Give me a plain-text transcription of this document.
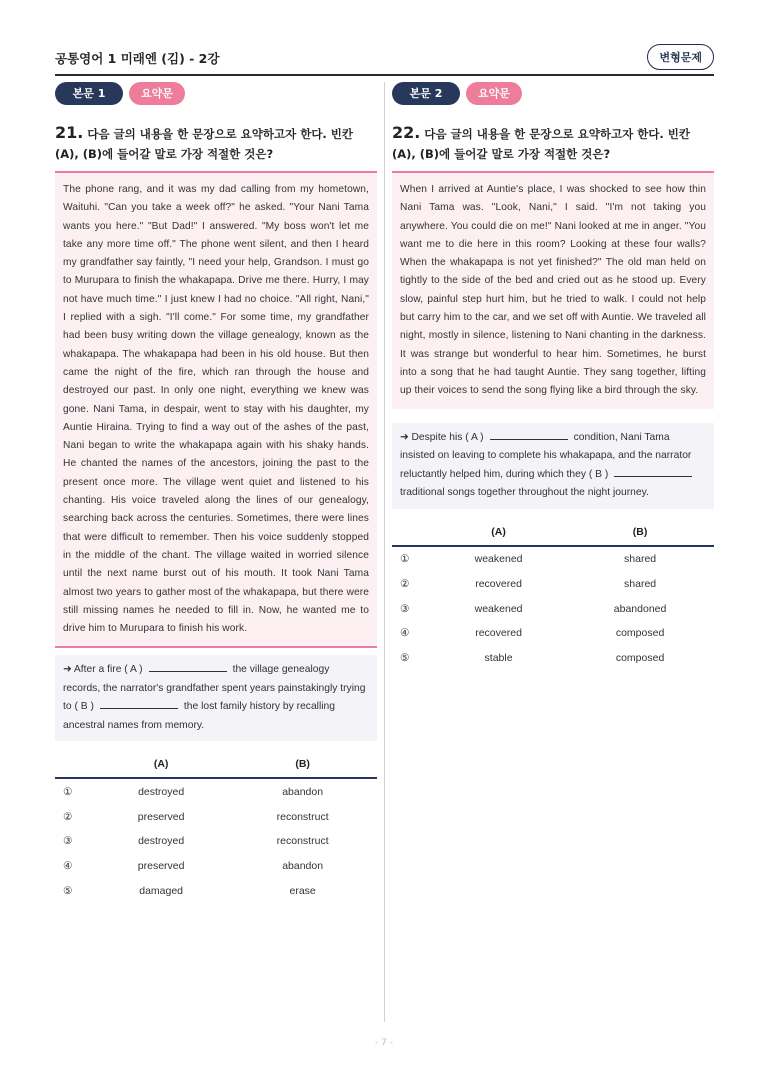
공통영어 1 미래엔 (김) - 2강	변형문제
본문 1	요약문
21. 다음 글의 내용을 한 문장으로 요약하고자 한다. 빈칸 (A), (B)에 들어갈 말로 가장 적절한 것은?
The phone rang, and it was my dad calling from my hometown, Waituhi. "Can you take a week off?" he asked. "Your Nani Tama wants you here." "But Dad!" I answered. "My boss won't let me take any more time off." The phone went silent, and then I heard my grandfather say faintly, "I need your help, Grandson. I must go to Murupara to finish the whakapapa. Drive me there. Hurry, I may not have much time." I just knew I had no choice. "All right, Nani," I replied with a sigh. "I'll come." For some time, my grandfather had been busy writing down the village genealogy, known as the whakapapa. The whakapapa had been in his old house. But then came the night of the fire, which ran through the house and destroyed our past. In only one night, everything we knew was gone. Nani Tama, in despair, went to stay with his daughter, my Auntie Hiraina. Trying to find a way out of the ashes of the past, Nani began to write the whakapapa again with his shaky hands. He chanted the names of the ancestors, joining the past to the present once more. The village went quiet and listened to his chanting. His voice traveled along the lines of our genealogy, searching back across the centuries. Sometimes, there were lines that were difficult to remember. Then his voice suddenly stopped in the middle of the chant. The village waited in worried silence until the next name burst out of his mouth. It took Nani Tama almost two years to gather most of the whakapapa, but there were still missing names he needed to fill in. Now, he wanted me to drive him to Murupara to finish his work.
➜ After a fire ( A )	the village genealogy records, the narrator's grandfather spent years painstakingly trying to ( B )	the lost family history by recalling ancestral names from memory.
	(A)	(B)
①	destroyed	abandon
②	preserved	reconstruct
③	destroyed	reconstruct
④	preserved	abandon
⑤	damaged	erase
본문 2	요약문
22. 다음 글의 내용을 한 문장으로 요약하고자 한다. 빈칸 (A), (B)에 들어갈 말로 가장 적절한 것은?
When I arrived at Auntie's place, I was shocked to see how thin Nani Tama was. "Look, Nani," I said. "I'm not taking you anywhere. You could die on me!" Nani looked at me in anger. "You want me to die here in this room? Looking at these four walls? When the whakapapa is not yet finished?" The old man held on tightly to the side of the bed and cried out as he stood up. Every slow, painful step hurt him, but he tried to walk. I could not help but carry him to the car, and we set off with Auntie. We traveled all night, mostly in silence, listening to Nani chanting in the darkness. It was strange but wonderful to hear him. Sometimes, he burst into a song that he had taught Auntie. They sang together, lifting up their voices to send the song flying like a bird through the sky.
➜ Despite his ( A )	condition, Nani Tama insisted on leaving to complete his whakapapa, and the narrator reluctantly helped him, during which they ( B )traditional songs together throughout the night journey.
	(A)	(B)
①	weakened	shared
②	recovered	shared
③	weakened	abandoned
④	recovered	composed
⑤	stable	composed
- 7 -
